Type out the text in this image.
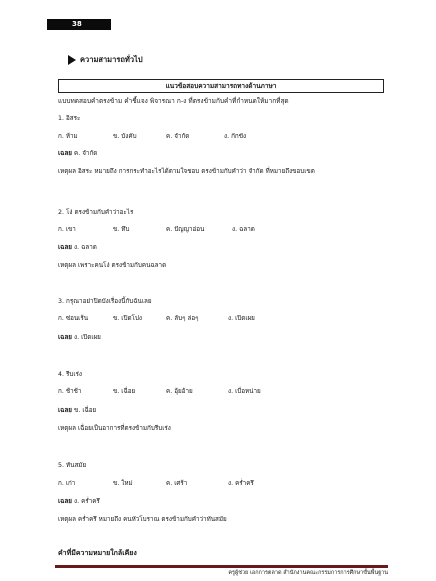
38
ความสามารถทั่วไป
แนวข้อสอบความสามารถทางด้านภาษา
แบบทดสอบคำตรงข้าม คำชี้แจง พิจารณา ก-ง ที่ตรงข้ามกับคำที่กำหนดให้มากที่สุด
1. อิสระ
ก. ห้าม	ข. บังคับ	ค. จำกัด	ง. กักขัง
เฉลย ค. จำกัด
เหตุผล อิสระ หมายถึง การกระทำอะไรได้ตามใจชอบ ตรงข้ามกับคำว่า จำกัด ที่หมายถึงขอบเขต
2. โง่ ตรงข้ามกับคำว่าอะไร
ก. เขา	ข. ทึบ	ค. ปัญญาอ่อน	ง. ฉลาด
เฉลย ง. ฉลาด
เหตุผล เพราะคนโง่ ตรงข้ามกับคนฉลาด
3. กรุณาอย่าปิดบังเรื่องนี้กับฉันเลย
ก. ซ่อนเร้น	ข. เปิดโปง	ค. ลับๆ ล่อๆ	ง. เปิดเผย
เฉลย ง. เปิดเผย
4. รีบเร่ง
ก. ช้าช้า	ข. เฉื่อย	ค. อุ้ยอ้าย	ง. เบื่อหน่าย
เฉลย ข. เฉื่อย
เหตุผล เฉื่อยเป็นอาการที่ตรงข้ามกับรีบเร่ง
5. ทันสมัย
ก. เก่า	ข. ใหม่	ค. เศร้า	ง. คร่ำครึ
เฉลย ง. คร่ำครึ
เหตุผล คร่ำครึ หมายถึง คนหัวโบราณ ตรงข้ามกับคำว่าทันสมัย
คำที่มีความหมายใกล้เคียง
ครูผู้ช่วย เอกการตลาด สำนักงานคณะกรรมการการศึกษาขั้นพื้นฐาน
